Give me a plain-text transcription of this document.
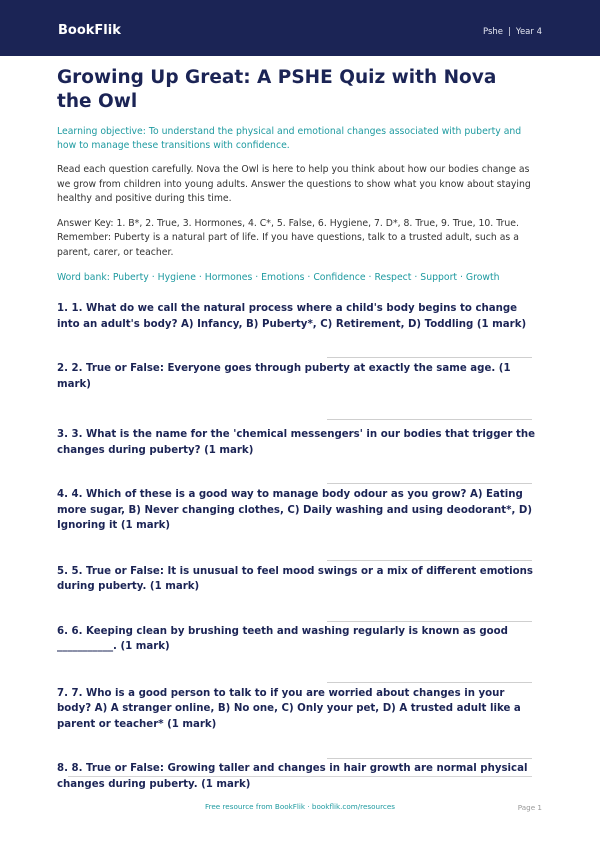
BookFlik	Pshe | Year 4
Growing Up Great: A PSHE Quiz with Nova the Owl
Learning objective: To understand the physical and emotional changes associated with puberty and how to manage these transitions with confidence.
Read each question carefully. Nova the Owl is here to help you think about how our bodies change as we grow from children into young adults. Answer the questions to show what you know about staying healthy and positive during this time.
Answer Key: 1. B*, 2. True, 3. Hormones, 4. C*, 5. False, 6. Hygiene, 7. D*, 8. True, 9. True, 10. True. Remember: Puberty is a natural part of life. If you have questions, talk to a trusted adult, such as a parent, carer, or teacher.
Word bank: Puberty · Hygiene · Hormones · Emotions · Confidence · Respect · Support · Growth
1. 1. What do we call the natural process where a child's body begins to change into an adult's body? A) Infancy, B) Puberty*, C) Retirement, D) Toddling (1 mark)
2. 2. True or False: Everyone goes through puberty at exactly the same age. (1 mark)
3. 3. What is the name for the 'chemical messengers' in our bodies that trigger the changes during puberty? (1 mark)
4. 4. Which of these is a good way to manage body odour as you grow? A) Eating more sugar, B) Never changing clothes, C) Daily washing and using deodorant*, D) Ignoring it (1 mark)
5. 5. True or False: It is unusual to feel mood swings or a mix of different emotions during puberty. (1 mark)
6. 6. Keeping clean by brushing teeth and washing regularly is known as good ___________. (1 mark)
7. 7. Who is a good person to talk to if you are worried about changes in your body? A) A stranger online, B) No one, C) Only your pet, D) A trusted adult like a parent or teacher* (1 mark)
8. 8. True or False: Growing taller and changes in hair growth are normal physical changes during puberty. (1 mark)
Free resource from BookFlik · bookflik.com/resources	Page 1
